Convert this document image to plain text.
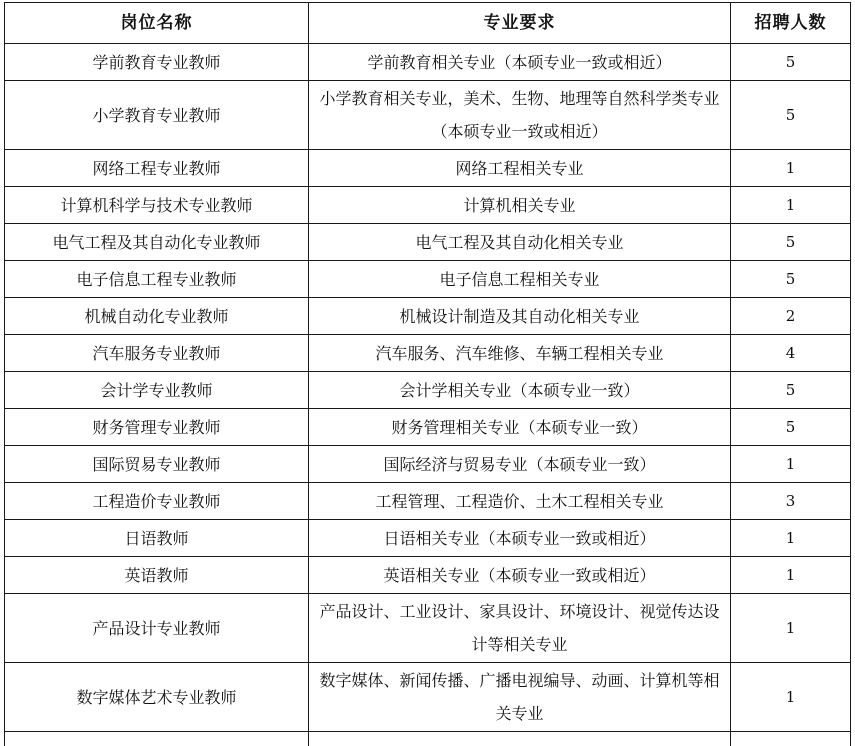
岗位名称	专业要求	招聘人数
学前教育专业教师	学前教育相关专业（本硕专业一致或相近）	5
小学教育专业教师	小学教育相关专业，美术、生物、地理等自然科学类专业（本硕专业一致或相近）	5
网络工程专业教师	网络工程相关专业	1
计算机科学与技术专业教师	计算机相关专业	1
电气工程及其自动化专业教师	电气工程及其自动化相关专业	5
电子信息工程专业教师	电子信息工程相关专业	5
机械自动化专业教师	机械设计制造及其自动化相关专业	2
汽车服务专业教师	汽车服务、汽车维修、车辆工程相关专业	4
会计学专业教师	会计学相关专业（本硕专业一致）	5
财务管理专业教师	财务管理相关专业（本硕专业一致）	5
国际贸易专业教师	国际经济与贸易专业（本硕专业一致）	1
工程造价专业教师	工程管理、工程造价、土木工程相关专业	3
日语教师	日语相关专业（本硕专业一致或相近）	1
英语教师	英语相关专业（本硕专业一致或相近）	1
产品设计专业教师	产品设计、工业设计、家具设计、环境设计、视觉传达设计等相关专业	1
数字媒体艺术专业教师	数字媒体、新闻传播、广播电视编导、动画、计算机等相关专业	1
